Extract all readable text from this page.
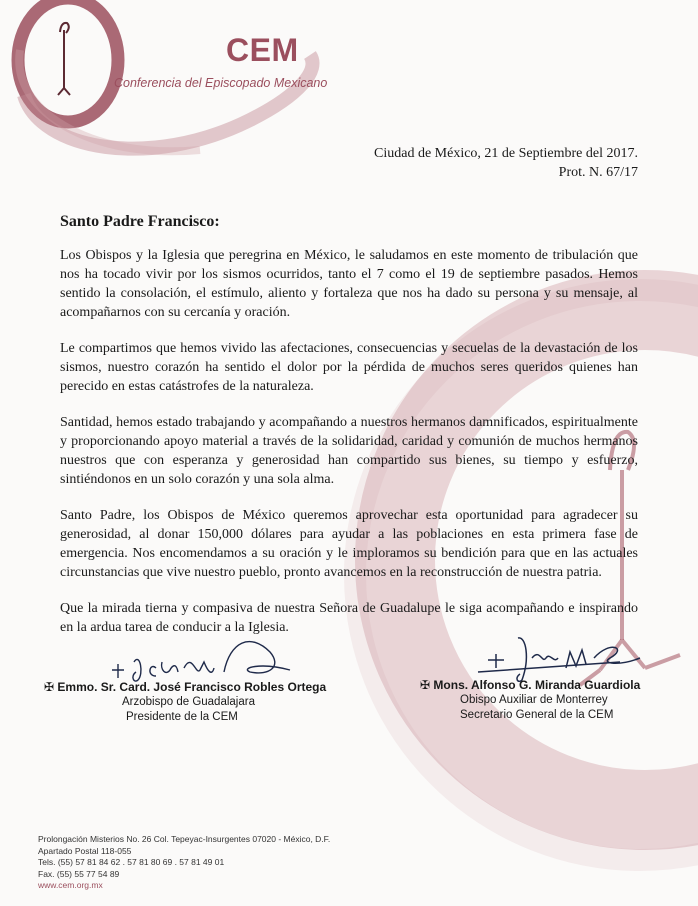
CEM
Conferencia del Episcopado Mexicano
Ciudad de México, 21 de Septiembre del 2017.
Prot. N. 67/17
Santo Padre Francisco:

Los Obispos y la Iglesia que peregrina en México, le saludamos en este momento de tribulación que nos ha tocado vivir por los sismos ocurridos, tanto el 7 como el 19 de septiembre pasados. Hemos sentido la consolación, el estímulo, aliento y fortaleza que nos ha dado su persona y su mensaje, al acompañarnos con su cercanía y oración.

Le compartimos que hemos vivido las afectaciones, consecuencias y secuelas de la devastación de los sismos, nuestro corazón ha sentido el dolor por la pérdida de muchos seres queridos quienes han perecido en estas catástrofes de la naturaleza.

Santidad, hemos estado trabajando y acompañando a nuestros hermanos damnificados, espiritualmente y proporcionando apoyo material a través de la solidaridad, caridad y comunión de muchos hermanos nuestros que con esperanza y generosidad han compartido sus bienes, su tiempo y esfuerzo, sintiéndonos en un solo corazón y una sola alma.

Santo Padre, los Obispos de México queremos aprovechar esta oportunidad para agradecer su generosidad, al donar 150,000 dólares para ayudar a las poblaciones en esta primera fase de emergencia. Nos encomendamos a su oración y le imploramos su bendición para que en las actuales circunstancias que vive nuestro pueblo, pronto avancemos en la reconstrucción de nuestra patria.

Que la mirada tierna y compasiva de nuestra Señora de Guadalupe le siga acompañando e inspirando en la ardua tarea de conducir a la Iglesia.

✠ Emmo. Sr. Card. José Francisco Robles Ortega
Arzobispo de Guadalajara
Presidente de la CEM
✠ Mons. Alfonso G. Miranda Guardiola
Obispo Auxiliar de Monterrey
Secretario General de la CEM
Prolongación Misterios No. 26 Col. Tepeyac-Insurgentes 07020 - México, D.F.
Apartado Postal 118-055
Tels. (55) 57 81 84 62 . 57 81 80 69 . 57 81 49 01
Fax. (55) 55 77 54 89
www.cem.org.mx
